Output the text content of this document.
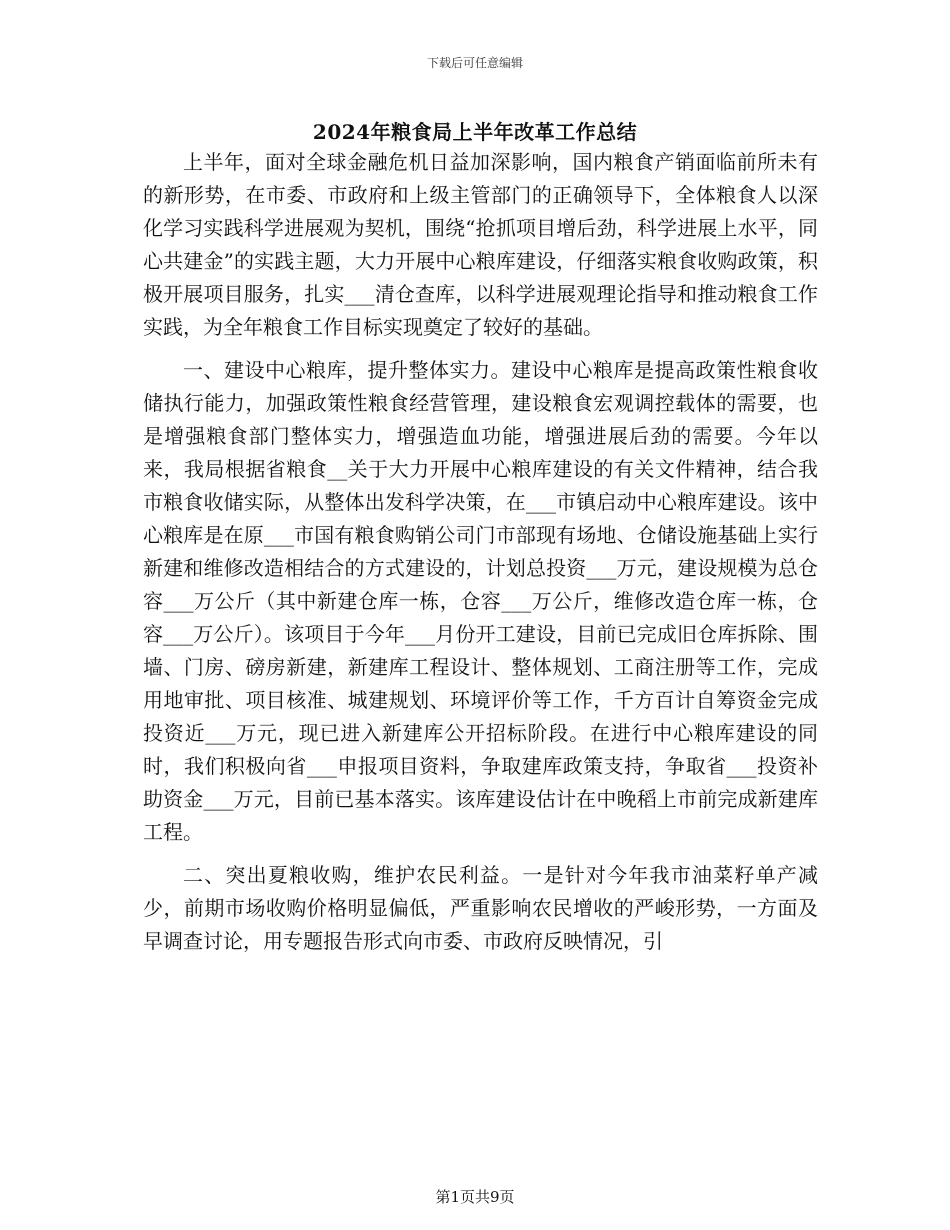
下载后可任意编辑
2024年粮食局上半年改革工作总结

上半年，面对全球金融危机日益加深影响，国内粮食产销面临前所未有的新形势，在市委、市政府和上级主管部门的正确领导下，全体粮食人以深化学习实践科学进展观为契机，围绕“抢抓项目增后劲，科学进展上水平，同心共建金”的实践主题，大力开展中心粮库建设，仔细落实粮食收购政策，积极开展项目服务，扎实___清仓查库，以科学进展观理论指导和推动粮食工作实践，为全年粮食工作目标实现奠定了较好的基础。

一、建设中心粮库，提升整体实力。建设中心粮库是提高政策性粮食收储执行能力，加强政策性粮食经营管理，建设粮食宏观调控载体的需要，也是增强粮食部门整体实力，增强造血功能，增强进展后劲的需要。今年以来，我局根据省粮食__关于大力开展中心粮库建设的有关文件精神，结合我市粮食收储实际，从整体出发科学决策，在___市镇启动中心粮库建设。该中心粮库是在原___市国有粮食购销公司门市部现有场地、仓储设施基础上实行新建和维修改造相结合的方式建设的，计划总投资___万元，建设规模为总仓容___万公斤（其中新建仓库一栋，仓容___万公斤，维修改造仓库一栋，仓容___万公斤）。该项目于今年___月份开工建设，目前已完成旧仓库拆除、围墙、门房、磅房新建，新建库工程设计、整体规划、工商注册等工作，完成用地审批、项目核准、城建规划、环境评价等工作，千方百计自筹资金完成投资近___万元，现已进入新建库公开招标阶段。在进行中心粮库建设的同时，我们积极向省___申报项目资料，争取建库政策支持，争取省___投资补助资金___万元，目前已基本落实。该库建设估计在中晚稻上市前完成新建库工程。

二、突出夏粮收购，维护农民利益。一是针对今年我市油菜籽单产减少，前期市场收购价格明显偏低，严重影响农民增收的严峻形势，一方面及早调查讨论，用专题报告形式向市委、市政府反映情况，引

第1页共9页
